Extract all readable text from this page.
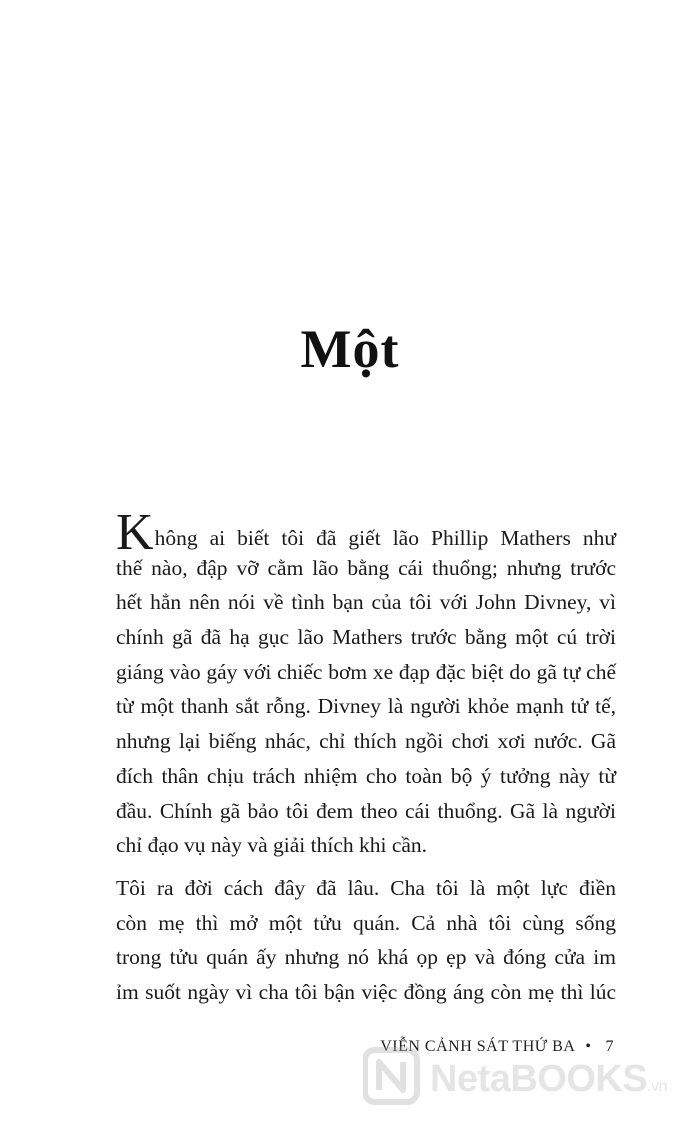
Một

Không ai biết tôi đã giết lão Phillip Mathers như
thế nào, đập vỡ cằm lão bằng cái thuổng; nhưng trước
hết hẳn nên nói về tình bạn của tôi với John Divney, vì
chính gã đã hạ gục lão Mathers trước bằng một cú trời
giáng vào gáy với chiếc bơm xe đạp đặc biệt do gã tự chế
từ một thanh sắt rỗng. Divney là người khỏe mạnh tử tế,
nhưng lại biếng nhác, chỉ thích ngồi chơi xơi nước. Gã
đích thân chịu trách nhiệm cho toàn bộ ý tưởng này từ
đầu. Chính gã bảo tôi đem theo cái thuổng. Gã là người
chỉ đạo vụ này và giải thích khi cần.

Tôi ra đời cách đây đã lâu. Cha tôi là một lực điền
còn mẹ thì mở một tửu quán. Cả nhà tôi cùng sống
trong tửu quán ấy nhưng nó khá ọp ẹp và đóng cửa im
ỉm suốt ngày vì cha tôi bận việc đồng áng còn mẹ thì lúc

VIỄN CẢNH SÁT THỨ BA • 7
NetaBOOKS.vn
